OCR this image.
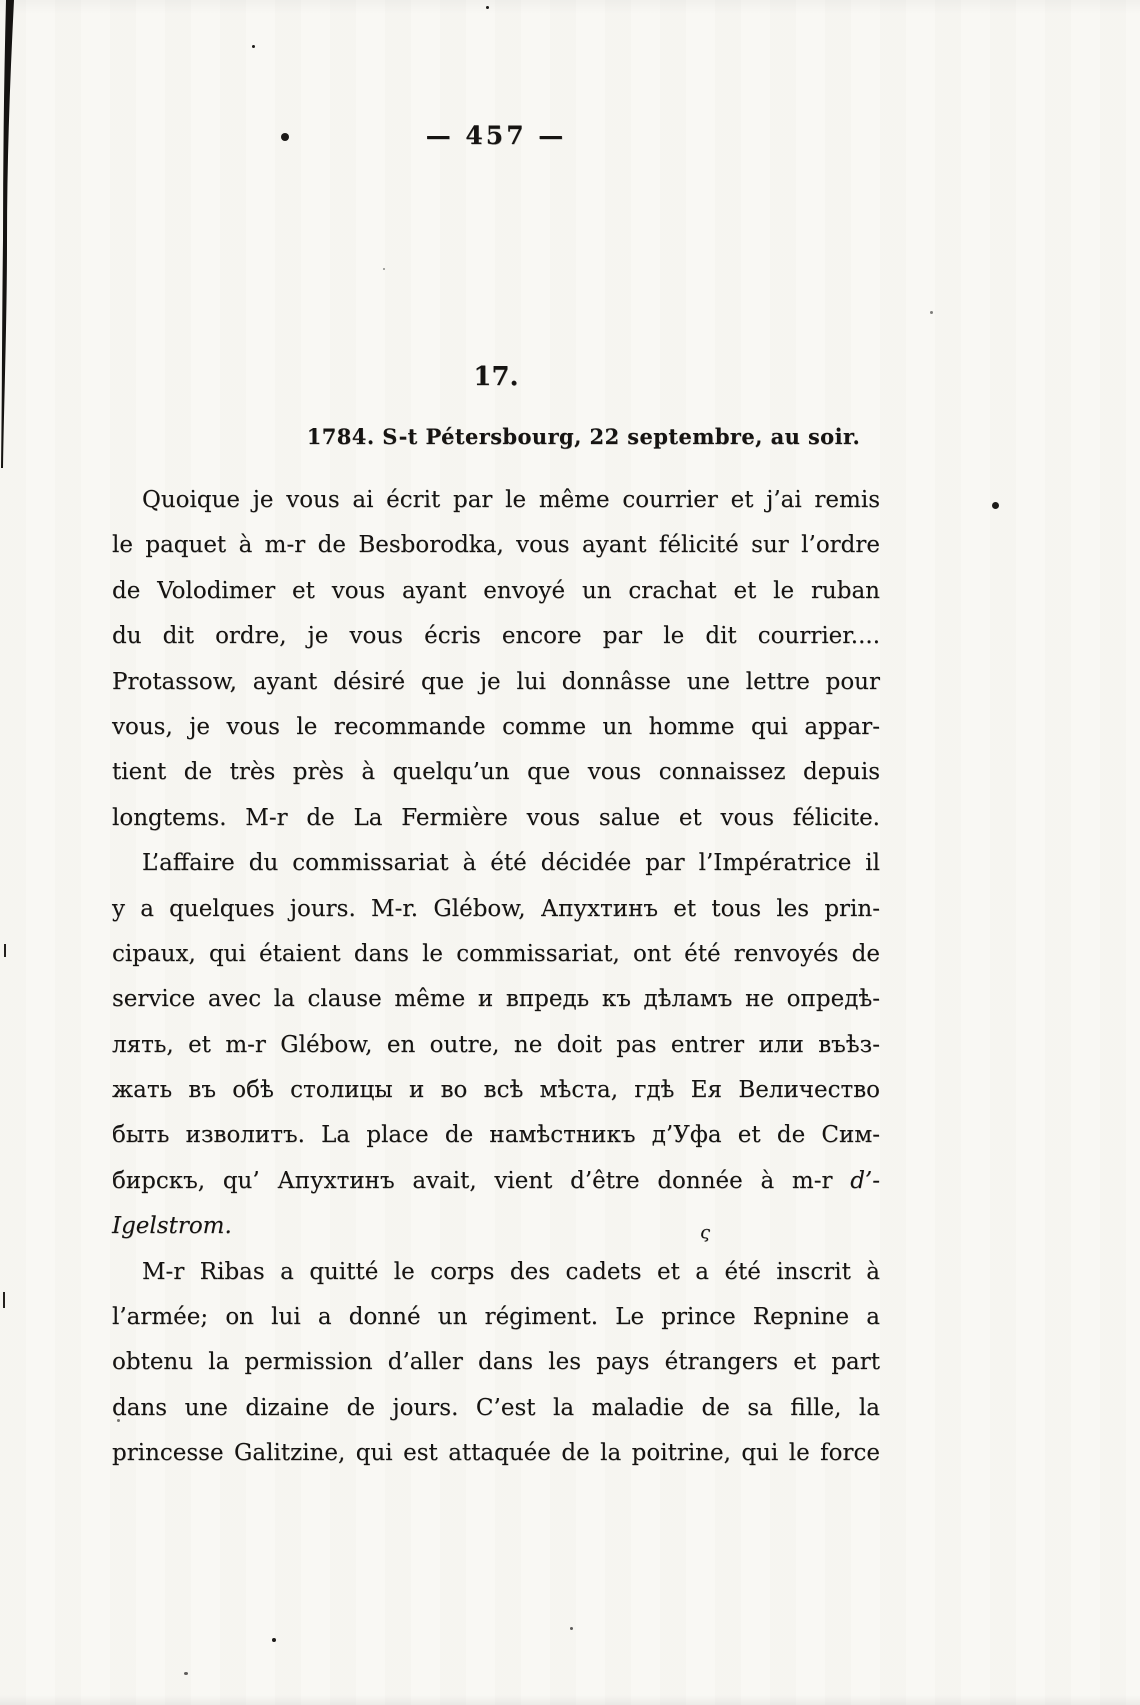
— 457 —
17.
1784. S-t Pétersbourg, 22 septembre, au soir.
Quoique je vous ai écrit par le même courrier et j’ai remis
le paquet à m-r de Besborodka, vous ayant félicité sur l’ordre
de Volodimer et vous ayant envoyé un crachat et le ruban
du dit ordre, je vous écris encore par le dit courrier....
Protassow, ayant désiré que je lui donnâsse une lettre pour
vous, je vous le recommande comme un homme qui appar-
tient de très près à quelqu’un que vous connaissez depuis
longtems. M-r de La Fermière vous salue et vous félicite.
L’affaire du commissariat à été décidée par l’Impératrice il
y a quelques jours. M-r. Glébow, Апухтинъ et tous les prin-
cipaux, qui étaient dans le commissariat, ont été renvoyés de
service avec la clause même и впредь къ дѣламъ не опредѣ-
лять, et m-r Glébow, en outre, ne doit pas entrer или въѣз-
жать въ обѣ столицы и во всѣ мѣста, гдѣ Ея Величество
быть изволитъ. La place de намѣстникъ д’Уфа et de Сим-
бирскъ, qu’ Апухтинъ avait, vient d’être donnée à m-r d’-
Igelstrom.	ς
M-r Ribas a quitté le corps des cadets et a été inscrit à
l’armée; on lui a donné un régiment. Le prince Repnine a
obtenu la permission d’aller dans les pays étrangers et part
dans une dizaine de jours. C’est la maladie de sa fille, la
princesse Galitzine, qui est attaquée de la poitrine, qui le force
